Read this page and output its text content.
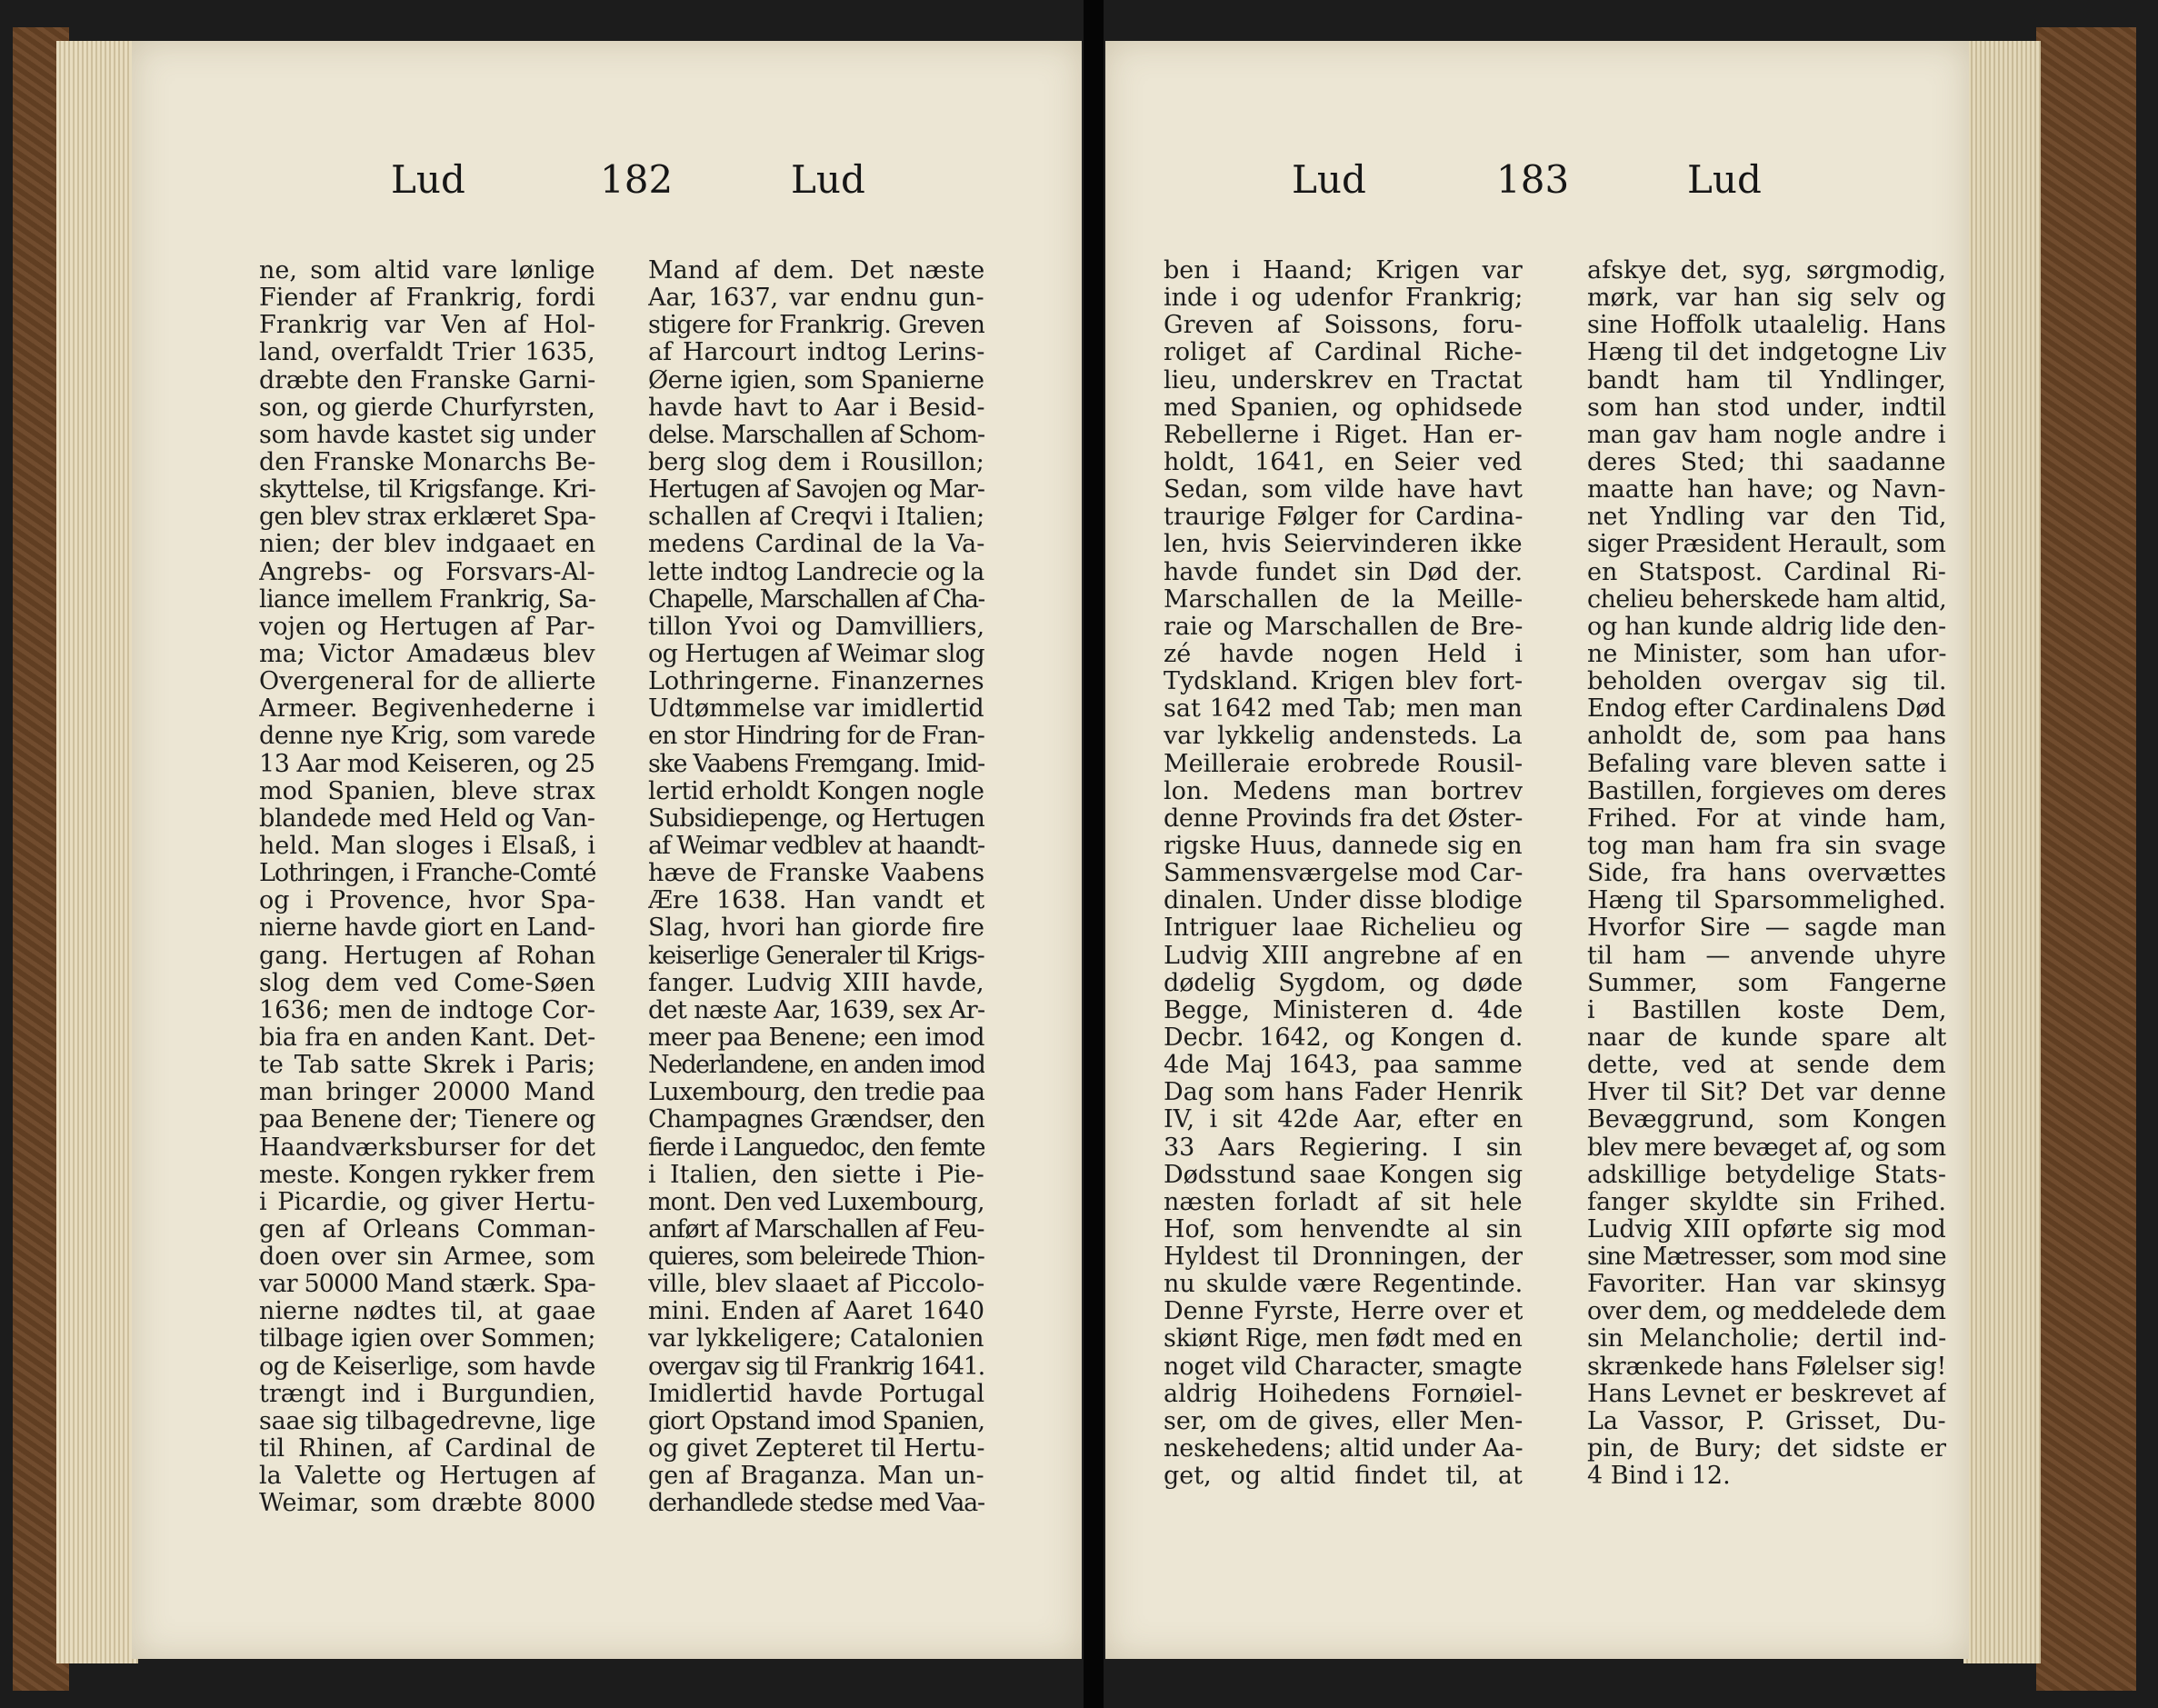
Lud	182	Lud
ne, som altid vare lønlige
Fiender af Frankrig, fordi
Frankrig var Ven af Hol-
land, overfaldt Trier 1635,
dræbte den Franske Garni-
son, og gierde Churfyrsten,
som havde kastet sig under
den Franske Monarchs Be-
skyttelse, til Krigsfange. Kri-
gen blev strax erklæret Spa-
nien; der blev indgaaet en
Angrebs- og Forsvars-Al-
liance imellem Frankrig, Sa-
vojen og Hertugen af Par-
ma; Victor Amadæus blev
Overgeneral for de allierte
Armeer. Begivenhederne i
denne nye Krig, som varede
13 Aar mod Keiseren, og 25
mod Spanien, bleve strax
blandede med Held og Van-
held. Man sloges i Elsaß, i
Lothringen, i Franche-Comté
og i Provence, hvor Spa-
nierne havde giort en Land-
gang. Hertugen af Rohan
slog dem ved Come-Søen
1636; men de indtoge Cor-
bia fra en anden Kant. Det-
te Tab satte Skrek i Paris;
man bringer 20000 Mand
paa Benene der; Tienere og
Haandværksburser for det
meste. Kongen rykker frem
i Picardie, og giver Hertu-
gen af Orleans Comman-
doen over sin Armee, som
var 50000 Mand stærk. Spa-
nierne nødtes til, at gaae
tilbage igien over Sommen;
og de Keiserlige, som havde
trængt ind i Burgundien,
saae sig tilbagedrevne, lige
til Rhinen, af Cardinal de
la Valette og Hertugen af
Weimar, som dræbte 8000
Mand af dem. Det næste
Aar, 1637, var endnu gun-
stigere for Frankrig. Greven
af Harcourt indtog Lerins-
Øerne igien, som Spanierne
havde havt to Aar i Besid-
delse. Marschallen af Schom-
berg slog dem i Rousillon;
Hertugen af Savojen og Mar-
schallen af Creqvi i Italien;
medens Cardinal de la Va-
lette indtog Landrecie og la
Chapelle, Marschallen af Cha-
tillon Yvoi og Damvilliers,
og Hertugen af Weimar slog
Lothringerne. Finanzernes
Udtømmelse var imidlertid
en stor Hindring for de Fran-
ske Vaabens Fremgang. Imid-
lertid erholdt Kongen nogle
Subsidiepenge, og Hertugen
af Weimar vedblev at haandt-
hæve de Franske Vaabens
Ære 1638. Han vandt et
Slag, hvori han giorde fire
keiserlige Generaler til Krigs-
fanger. Ludvig XIII havde,
det næste Aar, 1639, sex Ar-
meer paa Benene; een imod
Nederlandene, en anden imod
Luxembourg, den tredie paa
Champagnes Grændser, den
fierde i Languedoc, den femte
i Italien, den siette i Pie-
mont. Den ved Luxembourg,
anført af Marschallen af Feu-
quieres, som beleirede Thion-
ville, blev slaaet af Piccolo-
mini. Enden af Aaret 1640
var lykkeligere; Catalonien
overgav sig til Frankrig 1641.
Imidlertid havde Portugal
giort Opstand imod Spanien,
og givet Zepteret til Hertu-
gen af Braganza. Man un-
derhandlede stedse med Vaa-
Lud	183	Lud
ben i Haand; Krigen var
inde i og udenfor Frankrig;
Greven af Soissons, foru-
roliget af Cardinal Riche-
lieu, underskrev en Tractat
med Spanien, og ophidsede
Rebellerne i Riget. Han er-
holdt, 1641, en Seier ved
Sedan, som vilde have havt
traurige Følger for Cardina-
len, hvis Seiervinderen ikke
havde fundet sin Død der.
Marschallen de la Meille-
raie og Marschallen de Bre-
zé havde nogen Held i
Tydskland. Krigen blev fort-
sat 1642 med Tab; men man
var lykkelig andensteds. La
Meilleraie erobrede Rousil-
lon. Medens man bortrev
denne Provinds fra det Øster-
rigske Huus, dannede sig en
Sammensværgelse mod Car-
dinalen. Under disse blodige
Intriguer laae Richelieu og
Ludvig XIII angrebne af en
dødelig Sygdom, og døde
Begge, Ministeren d. 4de
Decbr. 1642, og Kongen d.
4de Maj 1643, paa samme
Dag som hans Fader Henrik
IV, i sit 42de Aar, efter en
33 Aars Regiering. I sin
Dødsstund saae Kongen sig
næsten forladt af sit hele
Hof, som henvendte al sin
Hyldest til Dronningen, der
nu skulde være Regentinde.
Denne Fyrste, Herre over et
skiønt Rige, men født med en
noget vild Character, smagte
aldrig Hoihedens Fornøiel-
ser, om de gives, eller Men-
neskehedens; altid under Aa-
get, og altid findet til, at
afskye det, syg, sørgmodig,
mørk, var han sig selv og
sine Hoffolk utaalelig. Hans
Hæng til det indgetogne Liv
bandt ham til Yndlinger,
som han stod under, indtil
man gav ham nogle andre i
deres Sted; thi saadanne
maatte han have; og Navn-
net Yndling var den Tid,
siger Præsident Herault, som
en Statspost. Cardinal Ri-
chelieu beherskede ham altid,
og han kunde aldrig lide den-
ne Minister, som han ufor-
beholden overgav sig til.
Endog efter Cardinalens Død
anholdt de, som paa hans
Befaling vare bleven satte i
Bastillen, forgieves om deres
Frihed. For at vinde ham,
tog man ham fra sin svage
Side, fra hans overvættes
Hæng til Sparsommelighed.
Hvorfor Sire — sagde man
til ham — anvende uhyre
Summer, som Fangerne
i Bastillen koste Dem,
naar de kunde spare alt
dette, ved at sende dem
Hver til Sit? Det var denne
Bevæggrund, som Kongen
blev mere bevæget af, og som
adskillige betydelige Stats-
fanger skyldte sin Frihed.
Ludvig XIII opførte sig mod
sine Mætresser, som mod sine
Favoriter. Han var skinsyg
over dem, og meddelede dem
sin Melancholie; dertil ind-
skrænkede hans Følelser sig!
Hans Levnet er beskrevet af
La Vassor, P. Grisset, Du-
pin, de Bury; det sidste er
4 Bind i 12.
